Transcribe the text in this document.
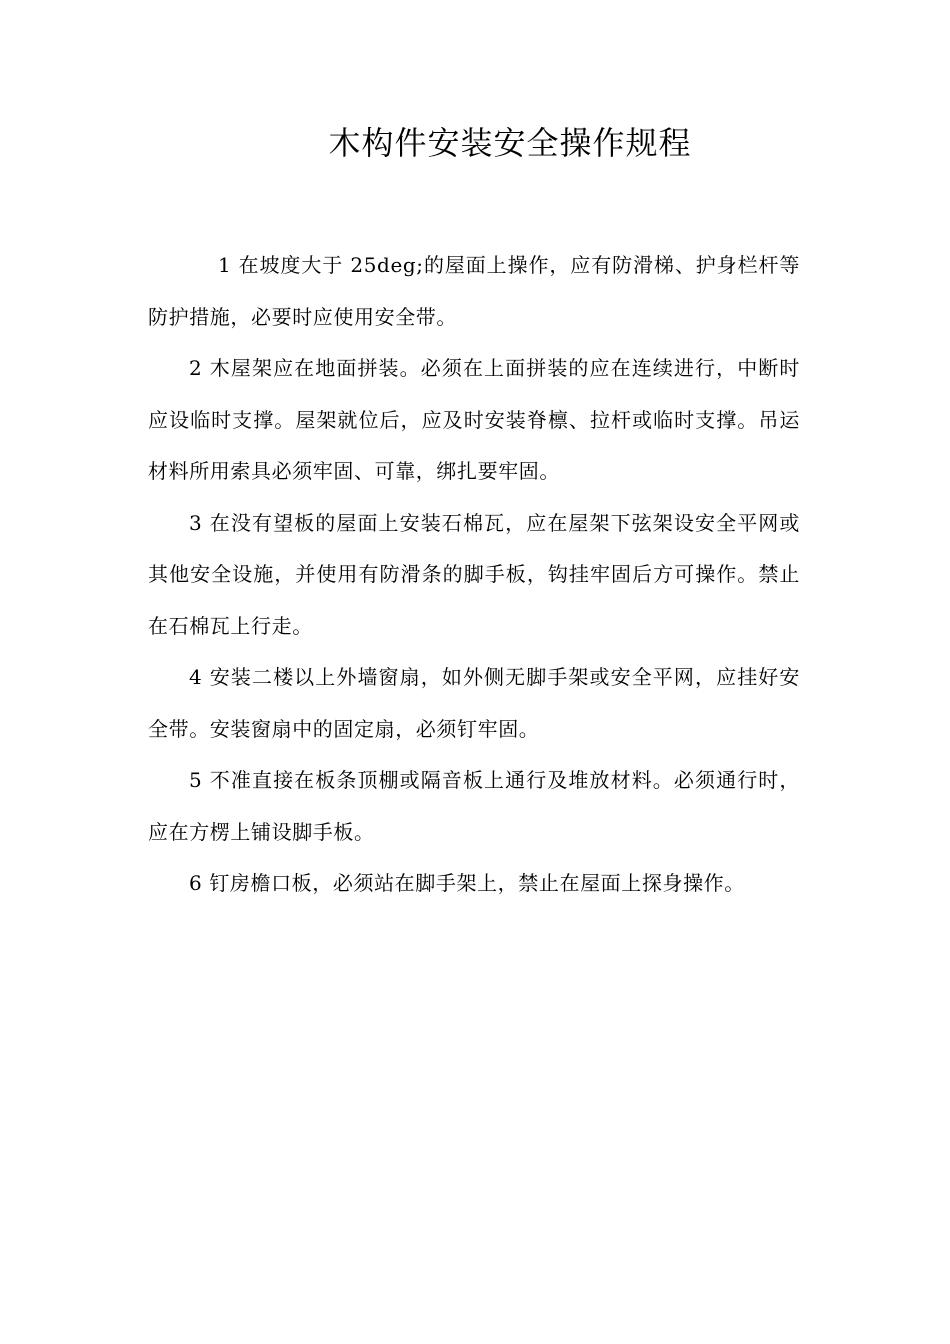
木构件安装安全操作规程

1 在坡度大于 25deg;的屋面上操作，应有防滑梯、护身栏杆等防护措施，必要时应使用安全带。

2 木屋架应在地面拼装。必须在上面拼装的应在连续进行，中断时应设临时支撑。屋架就位后，应及时安装脊檩、拉杆或临时支撑。吊运材料所用索具必须牢固、可靠，绑扎要牢固。

3 在没有望板的屋面上安装石棉瓦，应在屋架下弦架设安全平网或其他安全设施，并使用有防滑条的脚手板，钩挂牢固后方可操作。禁止在石棉瓦上行走。

4 安装二楼以上外墙窗扇，如外侧无脚手架或安全平网，应挂好安全带。安装窗扇中的固定扇，必须钉牢固。

5 不准直接在板条顶棚或隔音板上通行及堆放材料。必须通行时，应在方楞上铺设脚手板。

6 钉房檐口板，必须站在脚手架上，禁止在屋面上探身操作。
